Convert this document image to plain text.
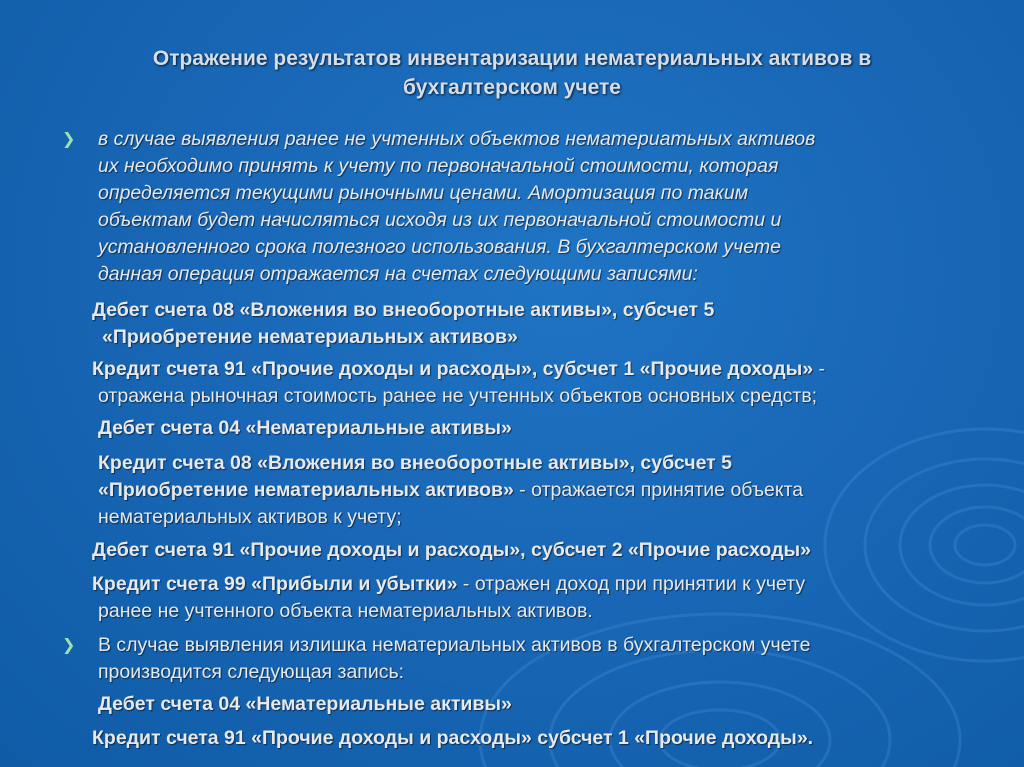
Отражение результатов инвентаризации нематериальных активов в
бухгалтерском учете
❯ в случае выявления ранее не учтенных объектов нематериатьных активов
их необходимо принять к учету по первоначальной стоимости, которая
определяется текущими рыночными ценами. Амортизация по таким
объектам будет начисляться исходя из их первоначальной стоимости и
установленного срока полезного использования. В бухгалтерском учете
данная операция отражается на счетах следующими записями:
Дебет счета 08 «Вложения во внеоборотные активы», субсчет 5
«Приобретение нематериальных активов»
Кредит счета 91 «Прочие доходы и расходы», субсчет 1 «Прочие доходы» -
отражена рыночная стоимость ранее не учтенных объектов основных средств;
Дебет счета 04 «Нематериальные активы»
Кредит счета 08 «Вложения во внеоборотные активы», субсчет 5
«Приобретение нематериальных активов» - отражается принятие объекта
нематериальных активов к учету;
Дебет счета 91 «Прочие доходы и расходы», субсчет 2 «Прочие расходы»
Кредит счета 99 «Прибыли и убытки» - отражен доход при принятии к учету
ранее не учтенного объекта нематериальных активов.
❯ В случае выявления излишка нематериальных активов в бухгалтерском учете
производится следующая запись:
Дебет счета 04 «Нематериальные активы»
Кредит счета 91 «Прочие доходы и расходы» субсчет 1 «Прочие доходы».
